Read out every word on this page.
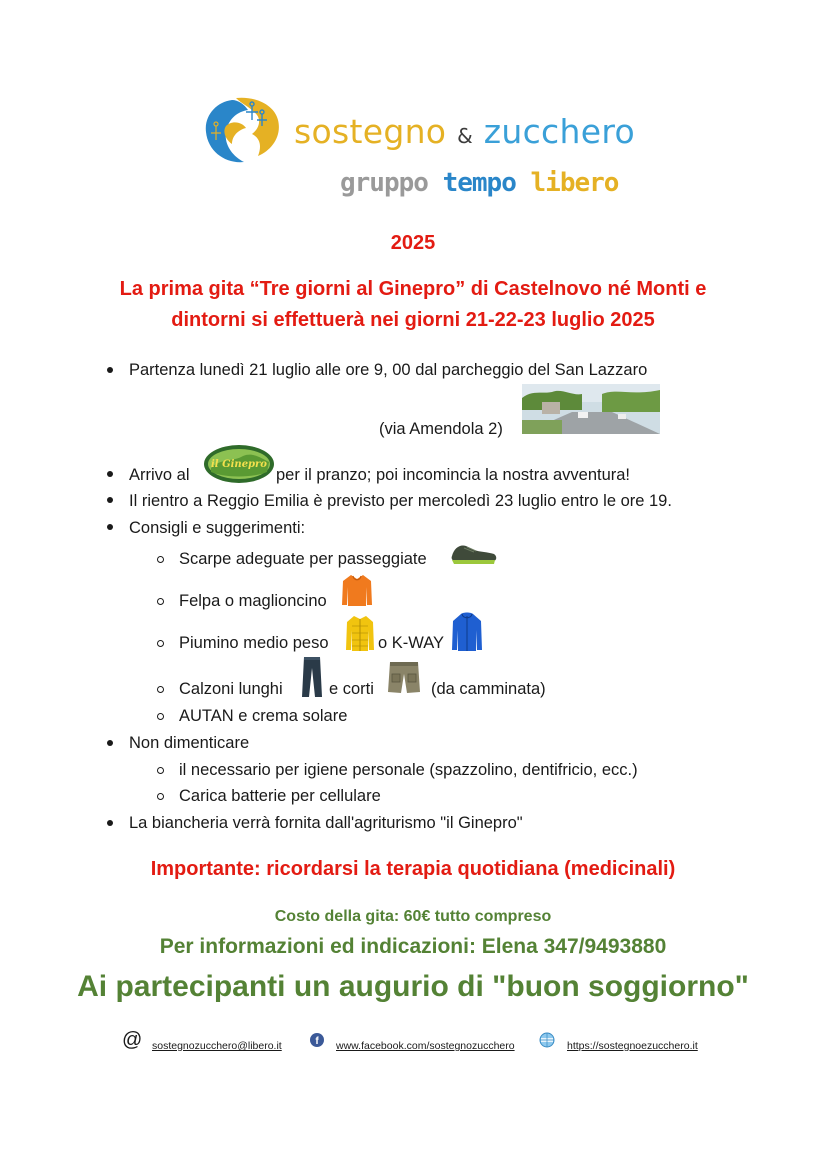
sostegno & zucchero
gruppo tempo libero
2025
La prima gita “Tre giorni al Ginepro” di Castelnovo né Monti e
dintorni si effettuerà nei giorni 21-22-23 luglio 2025
Partenza lunedì 21 luglio alle ore 9, 00 dal parcheggio del San Lazzaro
(via Amendola 2)
Arrivo al
il Ginepro
per il pranzo; poi incomincia la nostra avventura!
Il rientro a Reggio Emilia è previsto per mercoledì 23 luglio entro le ore 19.
Consigli e suggerimenti:
Scarpe adeguate per passeggiate
Felpa o maglioncino
Piumino medio peso	o K-WAY
Calzoni lunghi	e corti	(da camminata)
AUTAN e crema solare
Non dimenticare
il necessario per igiene personale (spazzolino, dentifricio, ecc.)
Carica batterie per cellulare
La biancheria verrà fornita dall'agriturismo "il Ginepro"
Importante: ricordarsi la terapia quotidiana (medicinali)
Costo della gita: 60€ tutto compreso
Per informazioni ed indicazioni: Elena 347/9493880
Ai partecipanti un augurio di "buon soggiorno"
@ sostegnozucchero@libero.it	f www.facebook.com/sostegnozucchero	https://sostegnoezucchero.it
